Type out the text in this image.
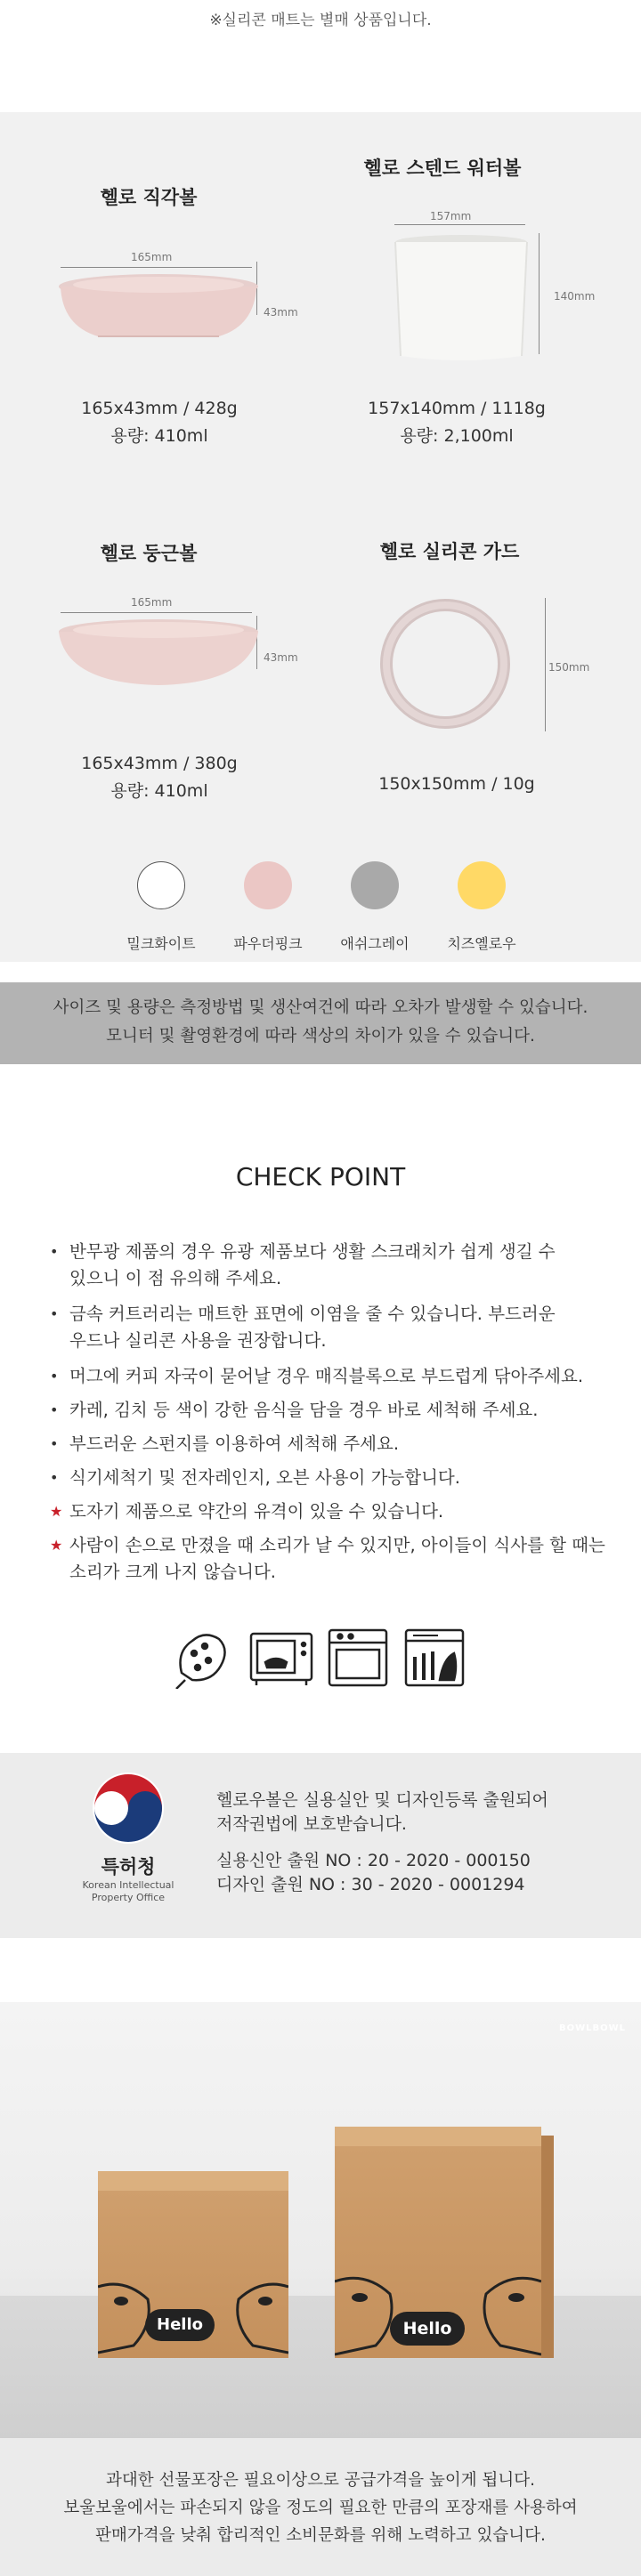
※실리콘 매트는 별매 상품입니다.
헬로 직각볼
165mm
43mm
165x43mm / 428g
용량: 410ml
헬로 스텐드 워터볼
157mm
140mm
157x140mm / 1118g
용량: 2,100ml
헬로 둥근볼
165mm
43mm
165x43mm / 380g
용량: 410ml
헬로 실리콘 가드
150mm
150x150mm / 10g
밀크화이트	파우더핑크	애쉬그레이	치즈옐로우
사이즈 및 용량은 측정방법 및 생산여건에 따라 오차가 발생할 수 있습니다.
모니터 및 촬영환경에 따라 색상의 차이가 있을 수 있습니다.
CHECK POINT
• 반무광 제품의 경우 유광 제품보다 생활 스크래치가 쉽게 생길 수
있으니 이 점 유의해 주세요.
• 금속 커트러리는 매트한 표면에 이염을 줄 수 있습니다. 부드러운
우드나 실리콘 사용을 권장합니다.
• 머그에 커피 자국이 묻어날 경우 매직블록으로 부드럽게 닦아주세요.
• 카레, 김치 등 색이 강한 음식을 담을 경우 바로 세척해 주세요.
• 부드러운 스펀지를 이용하여 세척해 주세요.
• 식기세척기 및 전자레인지, 오븐 사용이 가능합니다.
★ 도자기 제품으로 약간의 유격이 있을 수 있습니다.
★ 사람이 손으로 만졌을 때 소리가 날 수 있지만, 아이들이 식사를 할 때는
소리가 크게 나지 않습니다.
특허청
Korean Intellectual
Property Office
헬로우볼은 실용실안 및 디자인등록 출원되어
저작권법에 보호받습니다.
실용신안 출원 NO : 20 - 2020 - 000150
디자인 출원 NO : 30 - 2020 - 0001294
BOWLBOWL
Hello	Hello
과대한 선물포장은 필요이상으로 공급가격을 높이게 됩니다.
보울보울에서는 파손되지 않을 정도의 필요한 만큼의 포장재를 사용하여
판매가격을 낮춰 합리적인 소비문화를 위해 노력하고 있습니다.
